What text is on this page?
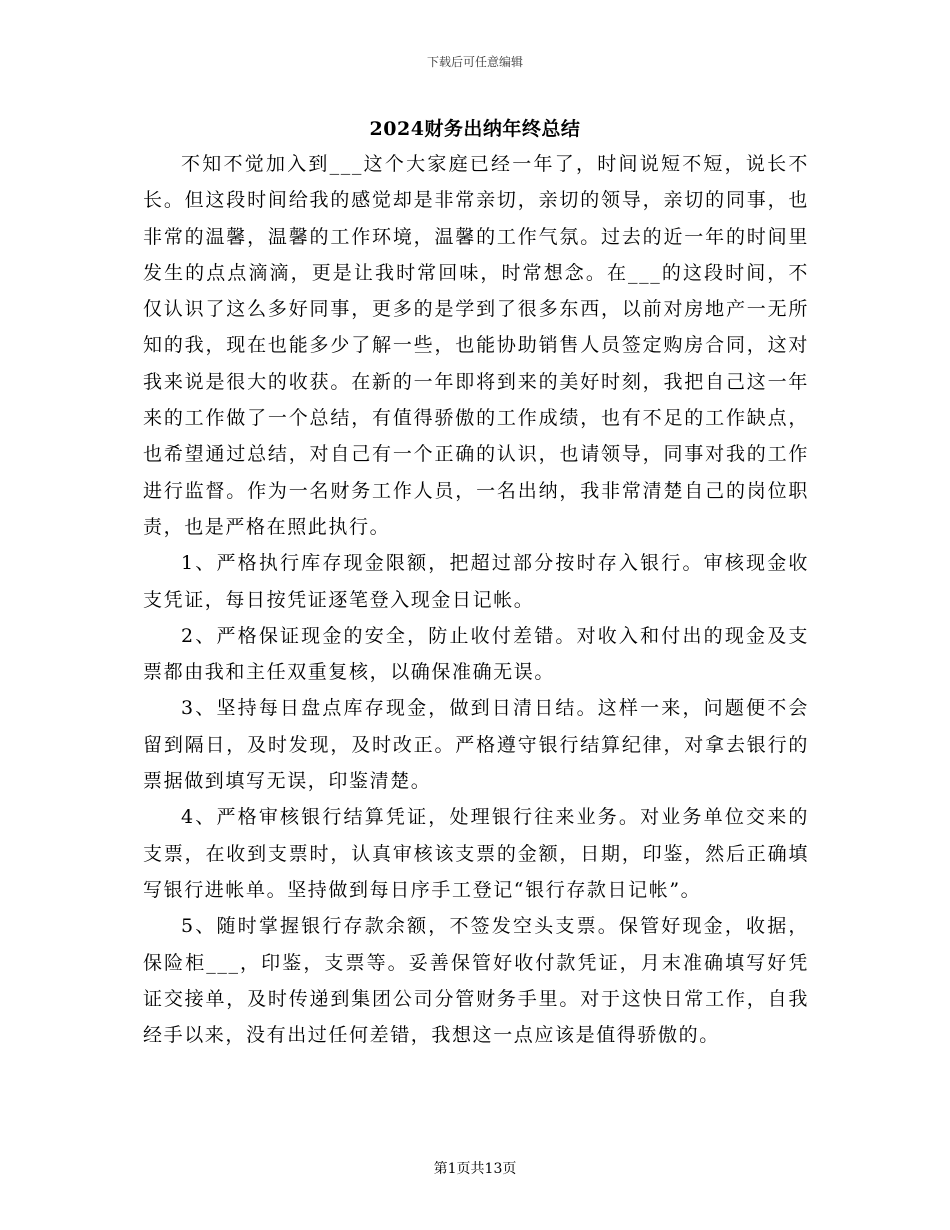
下载后可任意编辑
2024财务出纳年终总结

不知不觉加入到___这个大家庭已经一年了，时间说短不短，说长不长。但这段时间给我的感觉却是非常亲切，亲切的领导，亲切的同事，也非常的温馨，温馨的工作环境，温馨的工作气氛。过去的近一年的时间里发生的点点滴滴，更是让我时常回味，时常想念。在___的这段时间，不仅认识了这么多好同事，更多的是学到了很多东西，以前对房地产一无所知的我，现在也能多少了解一些，也能协助销售人员签定购房合同，这对我来说是很大的收获。在新的一年即将到来的美好时刻，我把自己这一年来的工作做了一个总结，有值得骄傲的工作成绩，也有不足的工作缺点，也希望通过总结，对自己有一个正确的认识，也请领导，同事对我的工作进行监督。作为一名财务工作人员，一名出纳，我非常清楚自己的岗位职责，也是严格在照此执行。

1、严格执行库存现金限额，把超过部分按时存入银行。审核现金收支凭证，每日按凭证逐笔登入现金日记帐。

2、严格保证现金的安全，防止收付差错。对收入和付出的现金及支票都由我和主任双重复核，以确保准确无误。

3、坚持每日盘点库存现金，做到日清日结。这样一来，问题便不会留到隔日，及时发现，及时改正。严格遵守银行结算纪律，对拿去银行的票据做到填写无误，印鉴清楚。

4、严格审核银行结算凭证，处理银行往来业务。对业务单位交来的支票，在收到支票时，认真审核该支票的金额，日期，印鉴，然后正确填写银行进帐单。坚持做到每日序手工登记“银行存款日记帐”。

5、随时掌握银行存款余额，不签发空头支票。保管好现金，收据，保险柜___，印鉴，支票等。妥善保管好收付款凭证，月末准确填写好凭证交接单，及时传递到集团公司分管财务手里。对于这快日常工作，自我经手以来，没有出过任何差错，我想这一点应该是值得骄傲的。

第1页共13页
